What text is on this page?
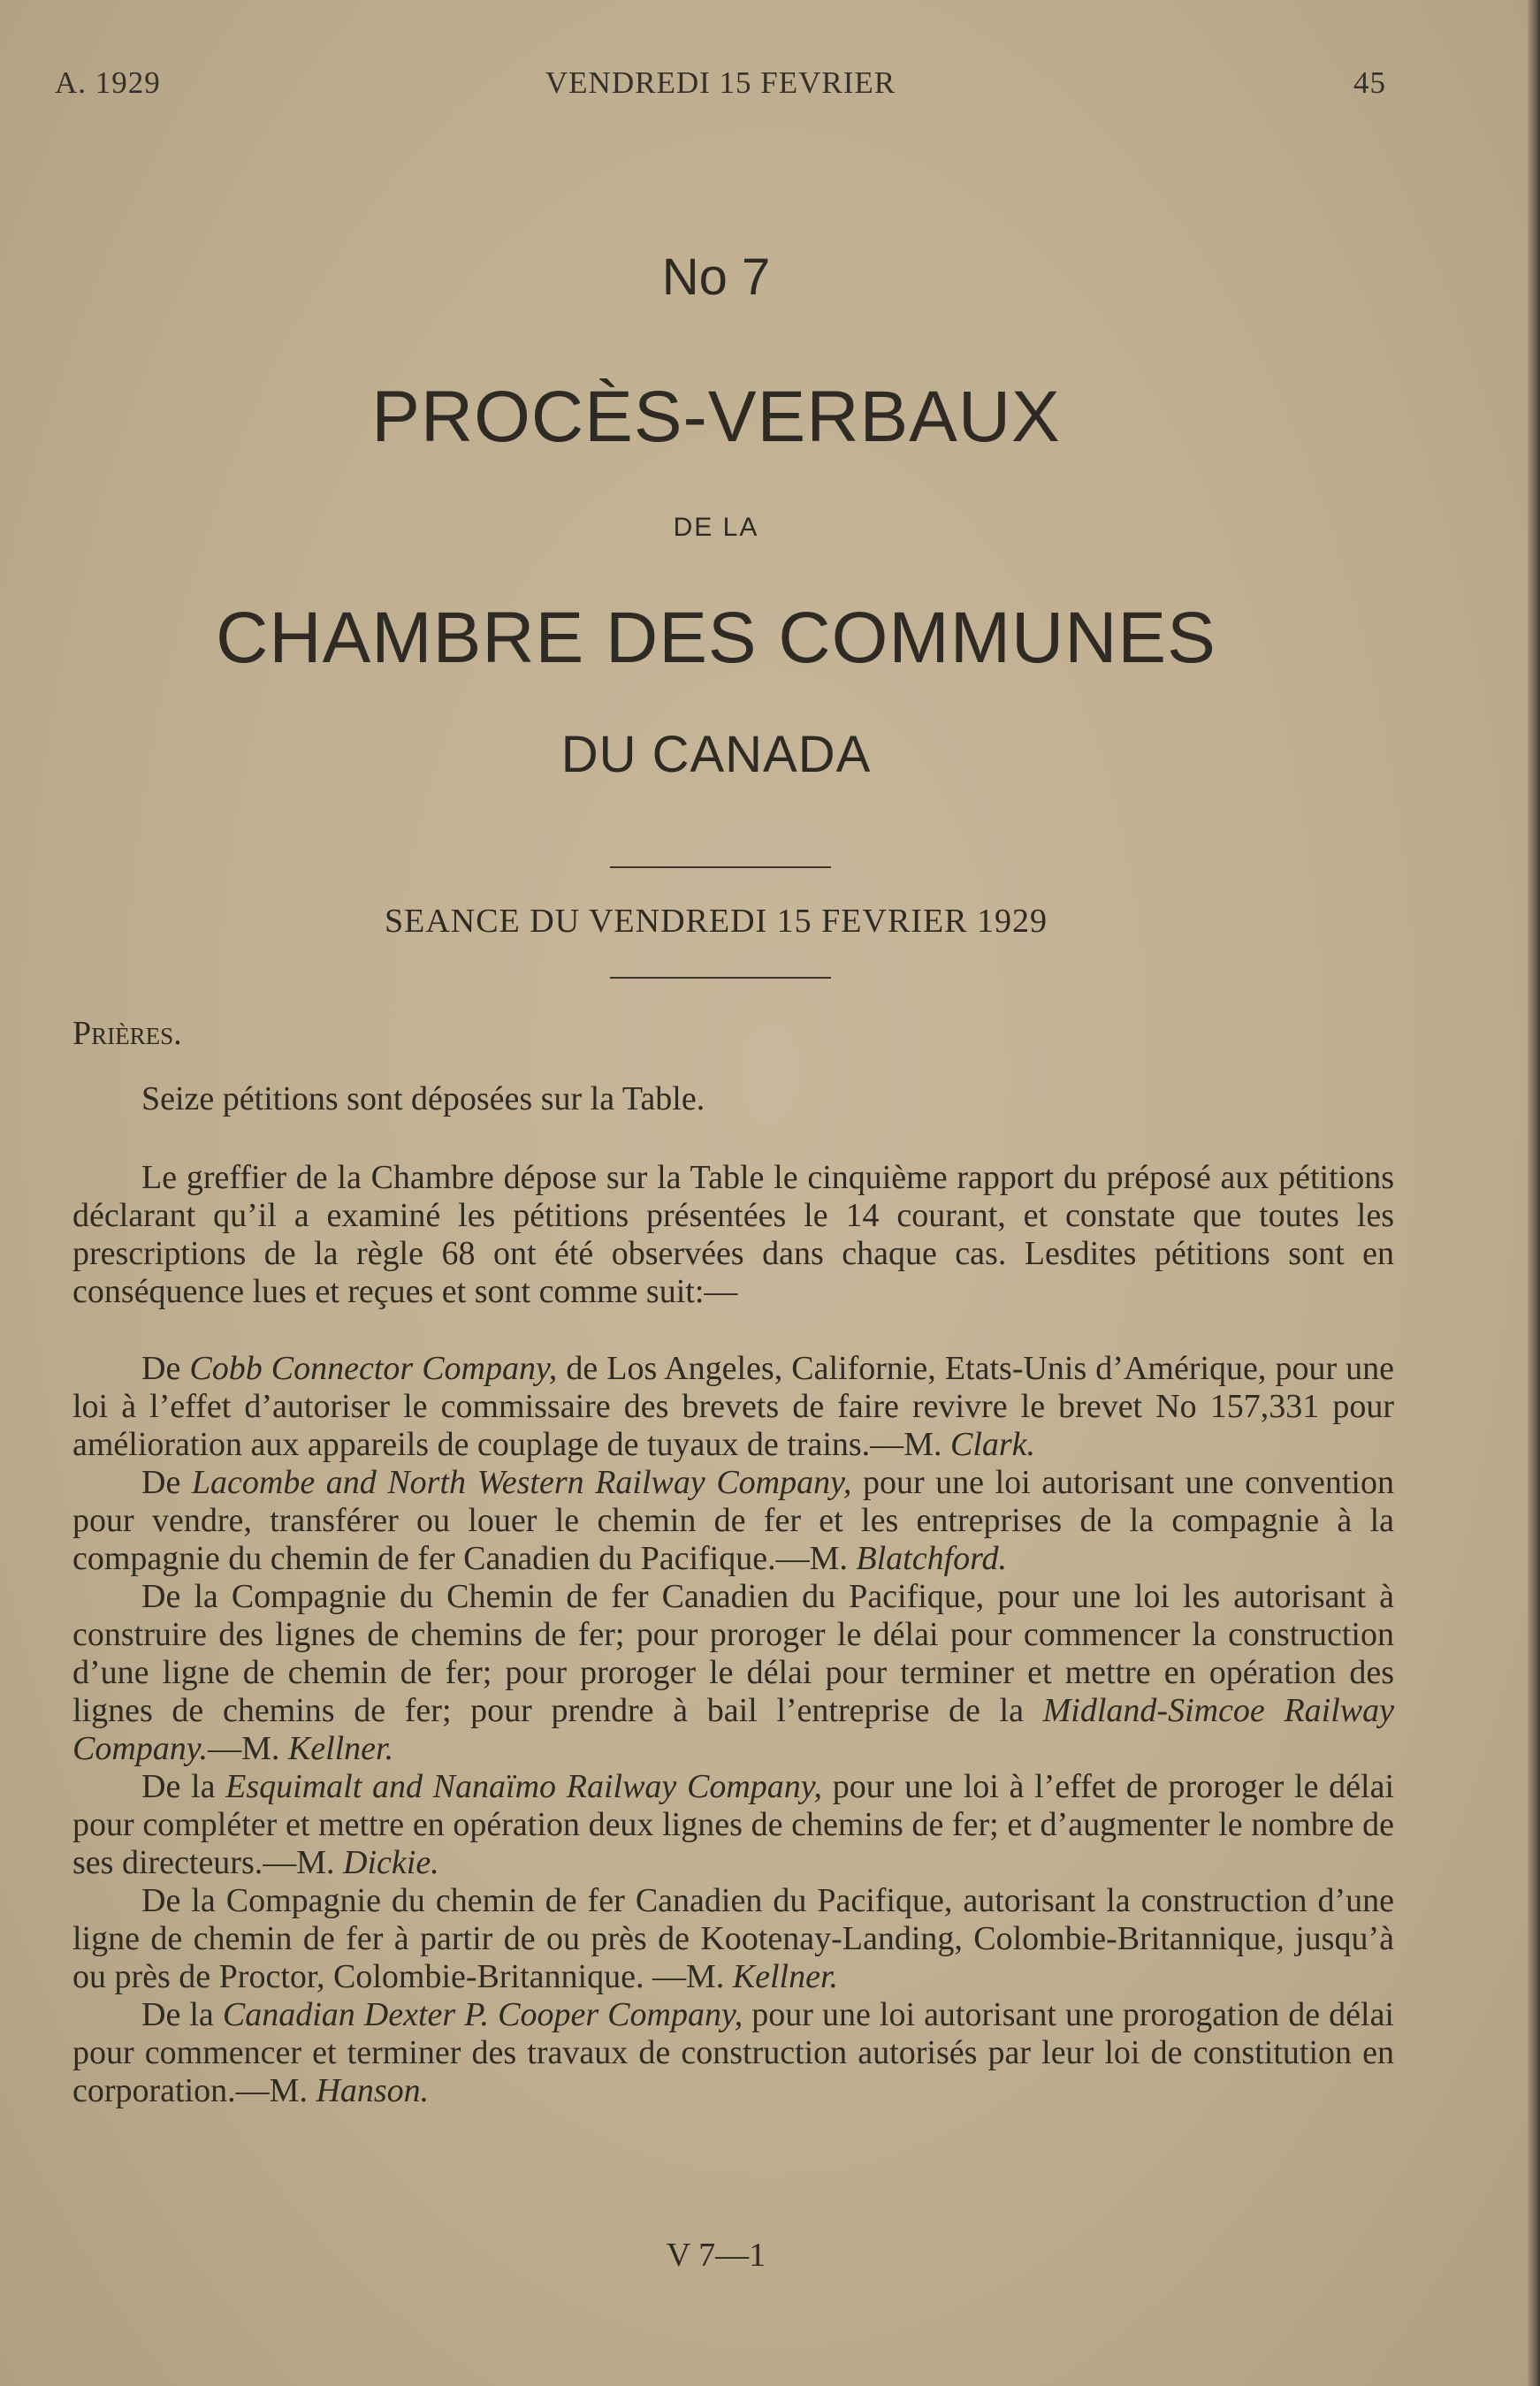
A. 1929	VENDREDI 15 FEVRIER	45
No 7
PROCÈS-VERBAUX
DE LA
CHAMBRE DES COMMUNES
DU CANADA
SEANCE DU VENDREDI 15 FEVRIER 1929
Prières.

Seize pétitions sont déposées sur la Table.

Le greffier de la Chambre dépose sur la Table le cinquième rapport du préposé aux pétitions déclarant qu’il a examiné les pétitions présentées le 14 courant, et constate que toutes les prescriptions de la règle 68 ont été observées dans chaque cas. Lesdites pétitions sont en conséquence lues et reçues et sont comme suit:—

De Cobb Connector Company, de Los Angeles, Californie, Etats-Unis d’Amérique, pour une loi à l’effet d’autoriser le commissaire des brevets de faire revivre le brevet No 157,331 pour amélioration aux appareils de couplage de tuyaux de trains.—M. Clark.

De Lacombe and North Western Railway Company, pour une loi autorisant une convention pour vendre, transférer ou louer le chemin de fer et les entreprises de la compagnie à la compagnie du chemin de fer Canadien du Pacifique.—M. Blatchford.

De la Compagnie du Chemin de fer Canadien du Pacifique, pour une loi les autorisant à construire des lignes de chemins de fer; pour proroger le délai pour commencer la construction d’une ligne de chemin de fer; pour proroger le délai pour terminer et mettre en opération des lignes de chemins de fer; pour prendre à bail l’entreprise de la Midland-Simcoe Railway Company.—M. Kellner.

De la Esquimalt and Nanaïmo Railway Company, pour une loi à l’effet de proroger le délai pour compléter et mettre en opération deux lignes de chemins de fer; et d’augmenter le nombre de ses directeurs.—M. Dickie.

De la Compagnie du chemin de fer Canadien du Pacifique, autorisant la construction d’une ligne de chemin de fer à partir de ou près de Kootenay-Landing, Colombie-Britannique, jusqu’à ou près de Proctor, Colombie-Britannique. —M. Kellner.

De la Canadian Dexter P. Cooper Company, pour une loi autorisant une prorogation de délai pour commencer et terminer des travaux de construction autorisés par leur loi de constitution en corporation.—M. Hanson.

V 7—1
